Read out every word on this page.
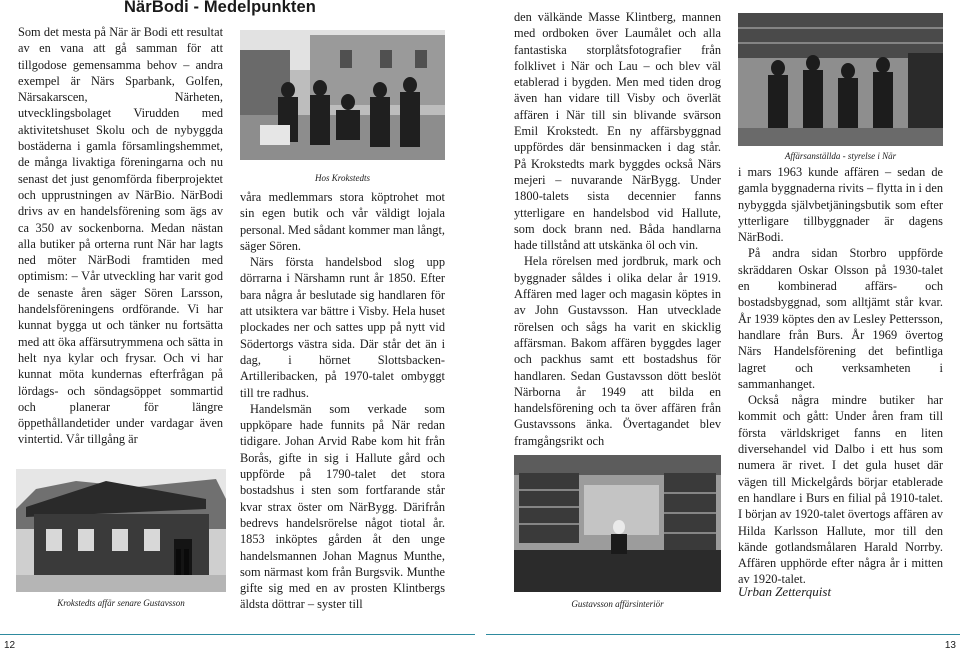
NärBodi - Medelpunkten

Som det mesta på När är Bodi ett resultat av en vana att gå samman för att tillgodose gemensamma behov – andra exempel är Närs Sparbank, Golfen, Närsakarscen, Närheten, utvecklingsbolaget Virudden med aktivitetshuset Skolu och de nybyggda bostäderna i gamla församlingshemmet, de många livaktiga föreningarna och nu senast det just genomförda fiberprojektet och upprustningen av NärBio. NärBodi drivs av en handelsförening som ägs av ca 350 av sockenborna. Medan nästan alla butiker på orterna runt När har lagts ned möter NärBodi framtiden med optimism: – Vår utveckling har varit god de senaste åren säger Sören Larsson, handelsföreningens ordförande. Vi har kunnat bygga ut och tänker nu fortsätta med att öka affärsutrymmena och sätta in helt nya kylar och frysar. Och vi har kunnat möta kundernas efterfrågan på lördags- och söndagsöppet sommartid och planerar för längre öppethållandetider under vardagar även vintertid. Vår tillgång är

Krokstedts affär senare Gustavsson
Hos Krokstedts

våra medlemmars stora köptrohet mot sin egen butik och vår väldigt lojala personal. Med sådant kommer man långt, säger Sören.

Närs första handelsbod slog upp dörrarna i Närshamn runt år 1850. Efter bara några år beslutade sig handlaren för att utsiktera var bättre i Visby. Hela huset plockades ner och sattes upp på nytt vid Södertorgs västra sida. Där står det än i dag, i hörnet Slottsbacken-Artilleribacken, på 1970-talet ombyggt till tre radhus.

Handelsmän som verkade som uppköpare hade funnits på När redan tidigare. Johan Arvid Rabe kom hit från Borås, gifte in sig i Hallute gård och uppförde på 1790-talet det stora bostadshus i sten som fortfarande står kvar strax öster om NärBygg. Därifrån bedrevs handelsrörelse något tiotal år. 1853 inköptes gården åt den unge handelsmannen Johan Magnus Munthe, som närmast kom från Burgsvik. Munthe gifte sig med en av prosten Klintbergs äldsta döttrar – syster till

den välkände Masse Klintberg, mannen med ordboken över Laumålet och alla fantastiska storplåtsfotografier från folklivet i När och Lau – och blev väl etablerad i bygden. Men med tiden drog även han vidare till Visby och överlät affären i När till sin blivande svärson Emil Krokstedt. En ny affärsbyggnad uppfördes där bensinmacken i dag står. På Krokstedts mark byggdes också Närs mejeri – nuvarande NärBygg. Under 1800-talets sista decennier fanns ytterligare en handelsbod vid Hallute, som dock brann ned. Båda handlarna hade tillstånd att utskänka öl och vin.

Hela rörelsen med jordbruk, mark och byggnader såldes i olika delar år 1919. Affären med lager och magasin köptes in av John Gustavsson. Han utvecklade rörelsen och sågs ha varit en skicklig affärsman. Bakom affären byggdes lager och packhus samt ett bostadshus för handlaren. Sedan Gustavsson dött beslöt Närborna år 1949 att bilda en handelsförening och ta över affären från Gustavssons änka. Övertagandet blev framgångsrikt och

Gustavsson affärsinteriör
Affärsanställda - styrelse i När

i mars 1963 kunde affären – sedan de gamla byggnaderna rivits – flytta in i den nybyggda självbetjäningsbutik som efter ytterligare tillbyggnader är dagens NärBodi.

På andra sidan Storbro uppförde skräddaren Oskar Olsson på 1930-talet en kombinerad affärs- och bostadsbyggnad, som alltjämt står kvar. År 1939 köptes den av Lesley Pettersson, handlare från Burs. År 1969 övertog Närs Handelsförening det befintliga lagret och verksamheten i sammanhanget.

Också några mindre butiker har kommit och gått: Under åren fram till första världskriget fanns en liten diversehandel vid Dalbo i ett hus som numera är rivet. I det gula huset där vägen till Mickelgårds börjar etablerade en handlare i Burs en filial på 1910-talet. I början av 1920-talet övertogs affären av Hilda Karlsson Hallute, mor till den kände gotlandsmålaren Harald Norrby. Affären upphörde efter några år i mitten av 1920-talet.

Urban Zetterquist
12	13
